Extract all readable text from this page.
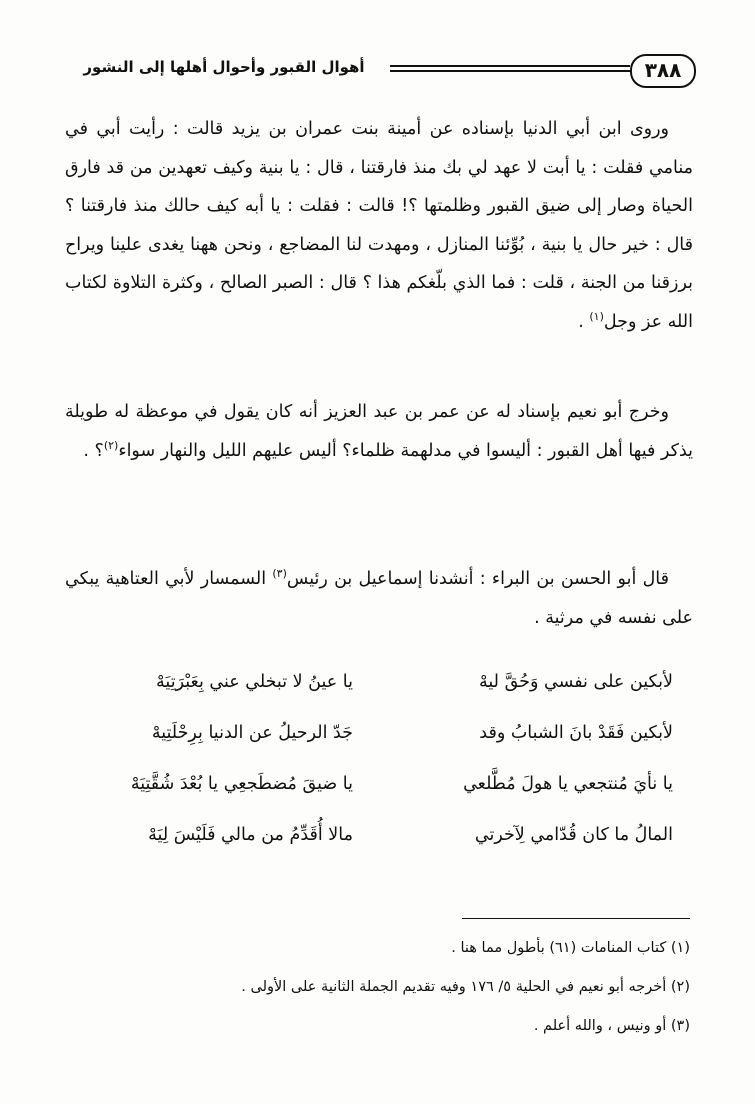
٣٨٨
أهوال القبور وأحوال أهلها إلى النشور

وروى ابن أبي الدنيا بإسناده عن أمينة بنت عمران بن يزيد قالت : رأيت أبي في منامي فقلت : يا أبت لا عهد لي بك منذ فارقتنا ، قال : يا بنية وكيف تعهدين من قد فارق الحياة وصار إلى ضيق القبور وظلمتها ؟! قالت : فقلت : يا أبه كيف حالك منذ فارقتنا ؟ قال : خير حال يا بنية ، بُوِّئنا المنازل ، ومهدت لنا المضاجع ، ونحن ههنا يغدى علينا ويراح برزقنا من الجنة ، قلت : فما الذي بلّغكم هذا ؟ قال : الصبر الصالح ، وكثرة التلاوة لكتاب الله عز وجل$^{(١)}$ .

وخرج أبو نعيم بإسناد له عن عمر بن عبد العزيز أنه كان يقول في موعظة له طويلة يذكر فيها أهل القبور : أليسوا في مدلهمة ظلماء؟ أليس عليهم الليل والنهار سواء$^{(٢)}$؟ .

قال أبو الحسن بن البراء : أنشدنا إسماعيل بن رئيس$^{(٣)}$ السمسار لأبي العتاهية يبكي على نفسه في مرثية .

لأبكين على نفسي وَحُقَّ ليهْ
يا عينُ لا تبخلي عني بِعَبْرَتِيَهْ
لأبكين فَقَدْ بانَ الشبابُ وقد
جَدّ الرحيلُ عن الدنيا بِرِحْلَتِيهْ
يا نأيَ مُنتجعي يا هولَ مُطَّلعي
يا ضيقَ مُضطَجعِي يا بُعْدَ شُقَّتِيَهْ
المالُ ما كان قُدّامي لِآخرتي
مالا أُقَدِّمُ من مالي فَلَيْسَ لِيَهْ

(١) كتاب المنامات (٦١) بأطول مما هنا .

(٢) أخرجه أبو نعيم في الحلية ٥/ ١٧٦ وفيه تقديم الجملة الثانية على الأولى .

(٣) أو ونيس ، والله أعلم .
